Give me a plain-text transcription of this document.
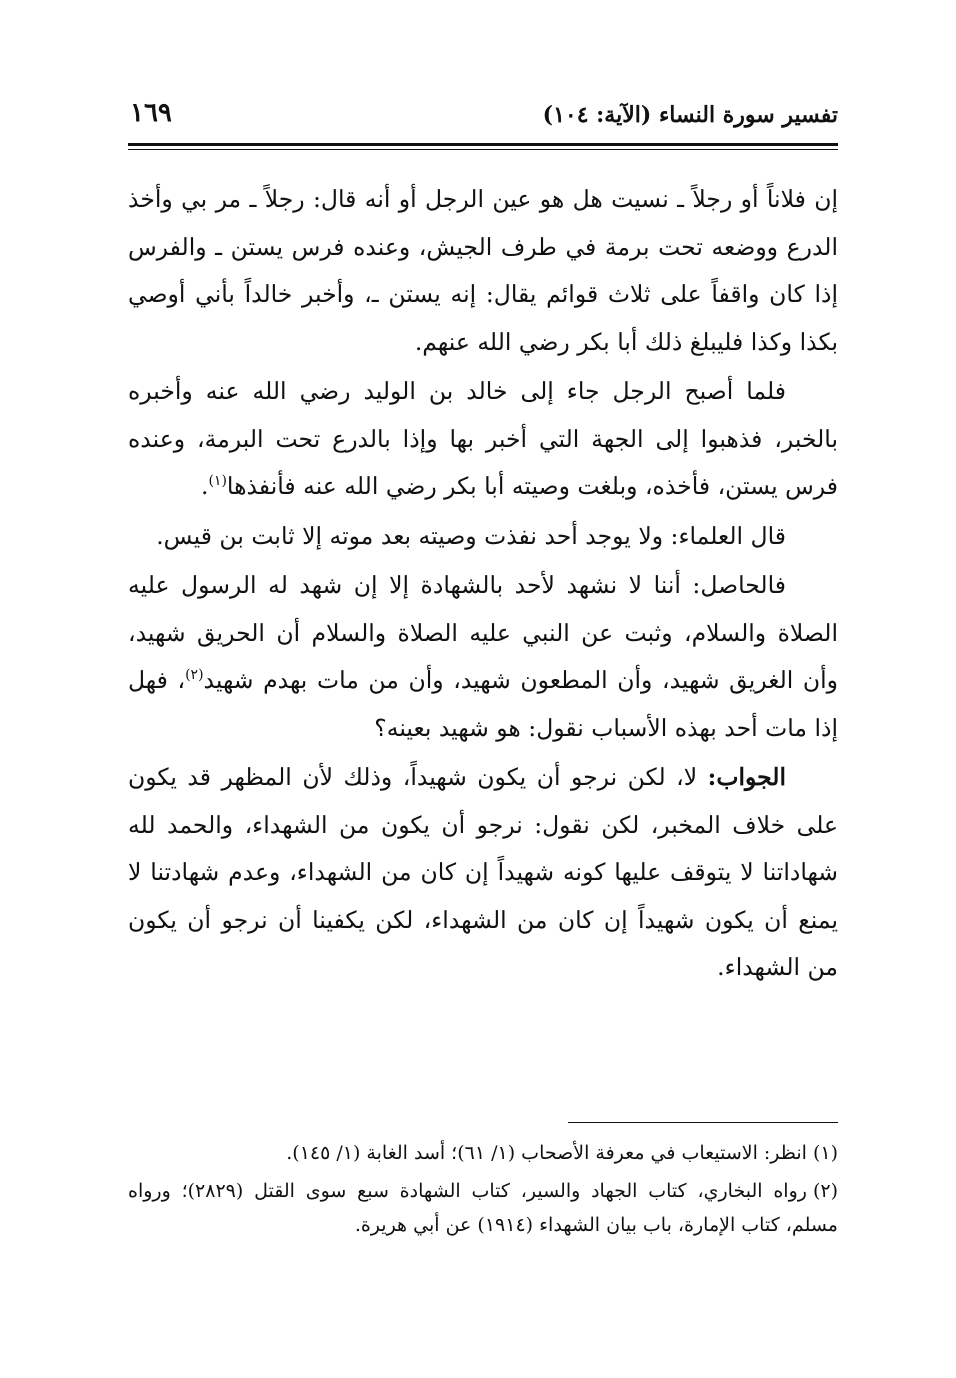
تفسير سورة النساء (الآية: ١٠٤)
١٦٩

إن فلاناً أو رجلاً ـ نسيت هل هو عين الرجل أو أنه قال: رجلاً ـ مر بي وأخذ الدرع ووضعه تحت برمة في طرف الجيش، وعنده فرس يستن ـ والفرس إذا كان واقفاً على ثلاث قوائم يقال: إنه يستن ـ، وأخبر خالداً بأني أوصي بكذا وكذا فليبلغ ذلك أبا بكر رضي الله عنهم.

فلما أصبح الرجل جاء إلى خالد بن الوليد رضي الله عنه وأخبره بالخبر، فذهبوا إلى الجهة التي أخبر بها وإذا بالدرع تحت البرمة، وعنده فرس يستن، فأخذه، وبلغت وصيته أبا بكر رضي الله عنه فأنفذها$^{(١)}$.

قال العلماء: ولا يوجد أحد نفذت وصيته بعد موته إلا ثابت بن قيس.

فالحاصل: أننا لا نشهد لأحد بالشهادة إلا إن شهد له الرسول عليه الصلاة والسلام، وثبت عن النبي عليه الصلاة والسلام أن الحريق شهيد، وأن الغريق شهيد، وأن المطعون شهيد، وأن من مات بهدم شهيد$^{(٢)}$، فهل إذا مات أحد بهذه الأسباب نقول: هو شهيد بعينه؟

الجواب: لا، لكن نرجو أن يكون شهيداً، وذلك لأن المظهر قد يكون على خلاف المخبر، لكن نقول: نرجو أن يكون من الشهداء، والحمد لله شهاداتنا لا يتوقف عليها كونه شهيداً إن كان من الشهداء، وعدم شهادتنا لا يمنع أن يكون شهيداً إن كان من الشهداء، لكن يكفينا أن نرجو أن يكون من الشهداء.

(١)انظر: الاستيعاب في معرفة الأصحاب (١/ ٦١)؛ أسد الغابة (١/ ١٤٥).

(٢)رواه البخاري، كتاب الجهاد والسير، كتاب الشهادة سبع سوى القتل (٢٨٢٩)؛ ورواه مسلم، كتاب الإمارة، باب بيان الشهداء (١٩١٤) عن أبي هريرة.
